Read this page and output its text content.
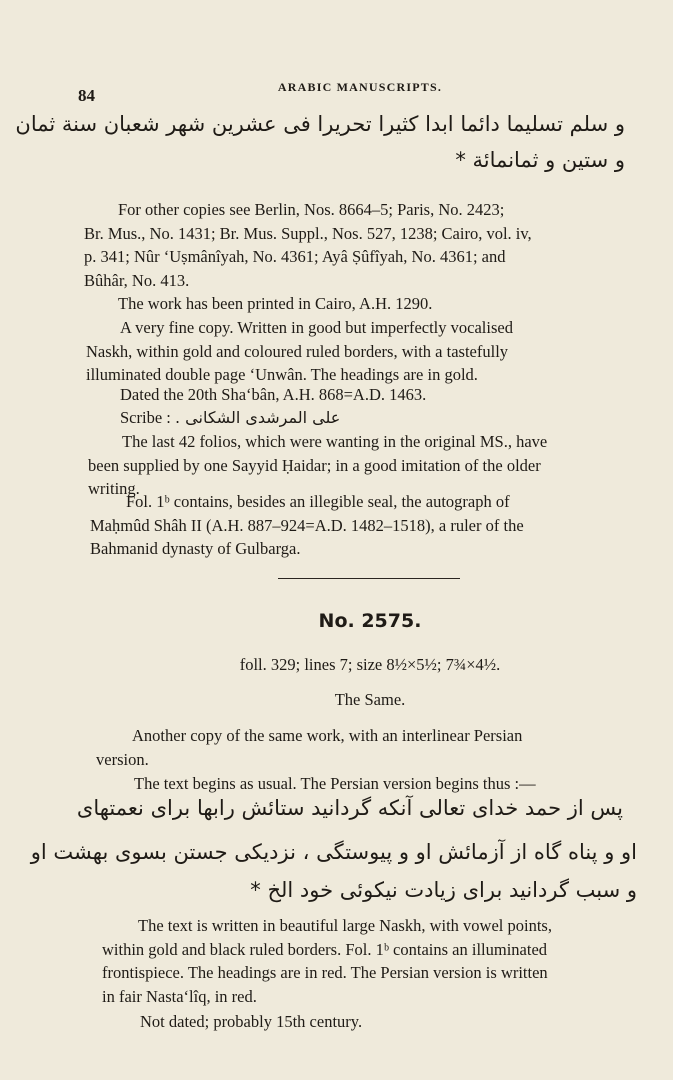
84	ARABIC MANUSCRIPTS.
و سلم تسليما دائما ابدا كثيرا تحريرا فى عشرين شهر شعبان سنة ثمان
و ستين و ثمانمائة *
For other copies see Berlin, Nos. 8664–5; Paris, No. 2423;
Br. Mus., No. 1431; Br. Mus. Suppl., Nos. 527, 1238; Cairo, vol. iv,
p. 341; Nûr ‘Uṣmânîyah, No. 4361; Ayâ Ṣûfîyah, No. 4361; and
Bûhâr, No. 413.
The work has been printed in Cairo, A.H. 1290.
A very fine copy. Written in good but imperfectly vocalised
Naskh, within gold and coloured ruled borders, with a tastefully
illuminated double page ‘Unwân. The headings are in gold.
Dated the 20th Sha‘bân, A.H. 868=A.D. 1463.
Scribe : على المرشدى الشكانى .
The last 42 folios, which were wanting in the original MS., have
been supplied by one Sayyid Ḥaidar; in a good imitation of the older
writing.
Fol. 1ᵇ contains, besides an illegible seal, the autograph of
Maḥmûd Shâh II (A.H. 887–924=A.D. 1482–1518), a ruler of the
Bahmanid dynasty of Gulbarga.
No. 2575.
foll. 329; lines 7; size 8½×5½; 7¾×4½.
The Same.
Another copy of the same work, with an interlinear Persian
version.
The text begins as usual. The Persian version begins thus :—
پس از حمد خدای تعالی آنکه گردانید ستائش رابها برای نعمتهای
او و پناه گاه از آزمائش او و پیوستگی ، نزدیکی جستن بسوی بهشت او
و سبب گردانید برای زیادت نیکوئی خود الخ *
The text is written in beautiful large Naskh, with vowel points,
within gold and black ruled borders. Fol. 1ᵇ contains an illuminated
frontispiece. The headings are in red. The Persian version is written
in fair Nasta‘lîq, in red.
Not dated; probably 15th century.
